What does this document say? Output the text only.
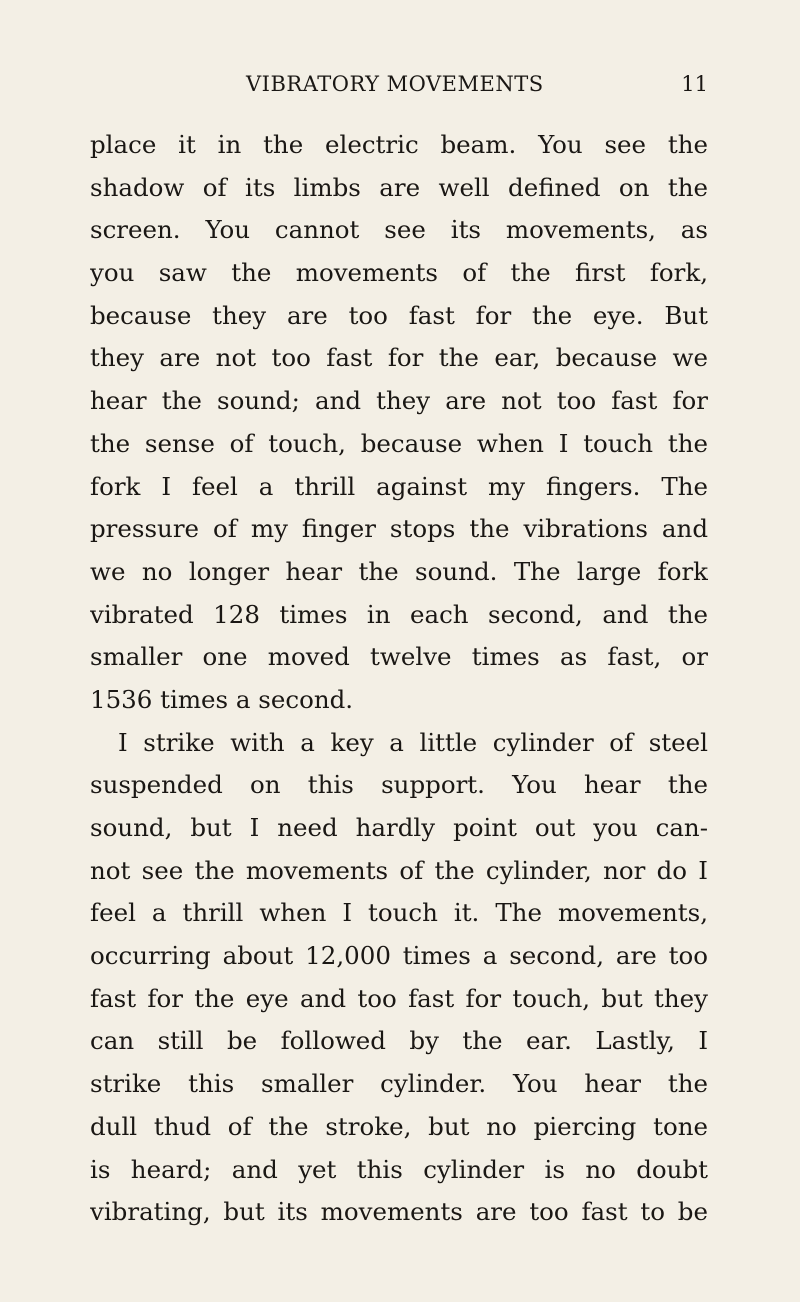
VIBRATORY MOVEMENTS	11
place it in the electric beam. You see the
shadow of its limbs are well defined on the
screen. You cannot see its movements, as
you saw the movements of the first fork,
because they are too fast for the eye. But
they are not too fast for the ear, because we
hear the sound; and they are not too fast for
the sense of touch, because when I touch the
fork I feel a thrill against my fingers. The
pressure of my finger stops the vibrations and
we no longer hear the sound. The large fork
vibrated 128 times in each second, and the
smaller one moved twelve times as fast, or
1536 times a second.
I strike with a key a little cylinder of steel
suspended on this support. You hear the
sound, but I need hardly point out you can-
not see the movements of the cylinder, nor do I
feel a thrill when I touch it. The movements,
occurring about 12,000 times a second, are too
fast for the eye and too fast for touch, but they
can still be followed by the ear. Lastly, I
strike this smaller cylinder. You hear the
dull thud of the stroke, but no piercing tone
is heard; and yet this cylinder is no doubt
vibrating, but its movements are too fast to be
